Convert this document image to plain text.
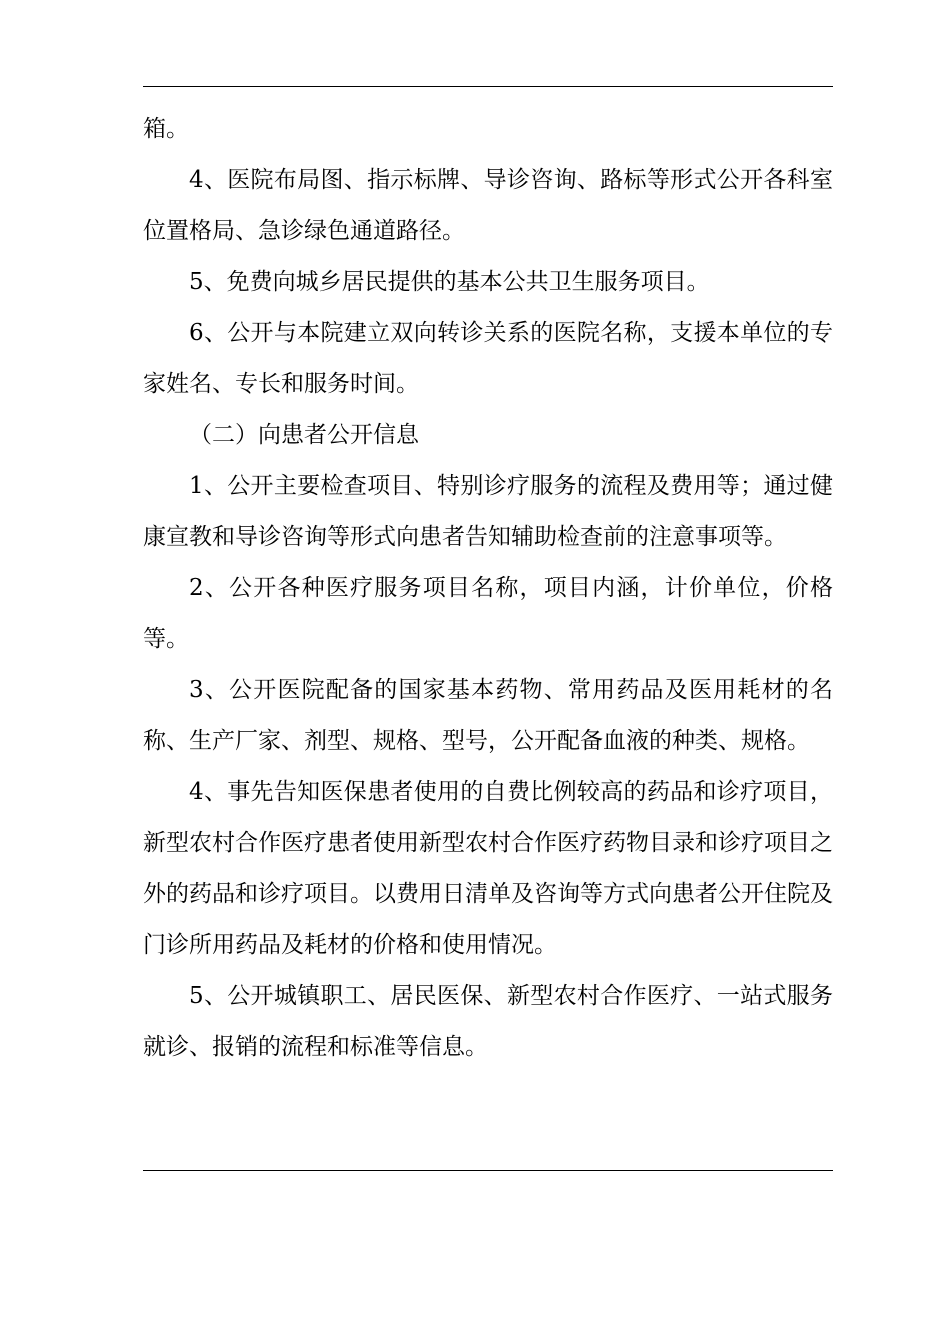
箱。

4、医院布局图、指示标牌、导诊咨询、路标等形式公开各科室位置格局、急诊绿色通道路径。

5、免费向城乡居民提供的基本公共卫生服务项目。

6、公开与本院建立双向转诊关系的医院名称，支援本单位的专家姓名、专长和服务时间。

（二）向患者公开信息

1、公开主要检查项目、特别诊疗服务的流程及费用等；通过健康宣教和导诊咨询等形式向患者告知辅助检查前的注意事项等。

2、公开各种医疗服务项目名称，项目内涵，计价单位，价格等。

3、公开医院配备的国家基本药物、常用药品及医用耗材的名称、生产厂家、剂型、规格、型号，公开配备血液的种类、规格。

4、事先告知医保患者使用的自费比例较高的药品和诊疗项目，新型农村合作医疗患者使用新型农村合作医疗药物目录和诊疗项目之外的药品和诊疗项目。以费用日清单及咨询等方式向患者公开住院及门诊所用药品及耗材的价格和使用情况。

5、公开城镇职工、居民医保、新型农村合作医疗、一站式服务就诊、报销的流程和标准等信息。
